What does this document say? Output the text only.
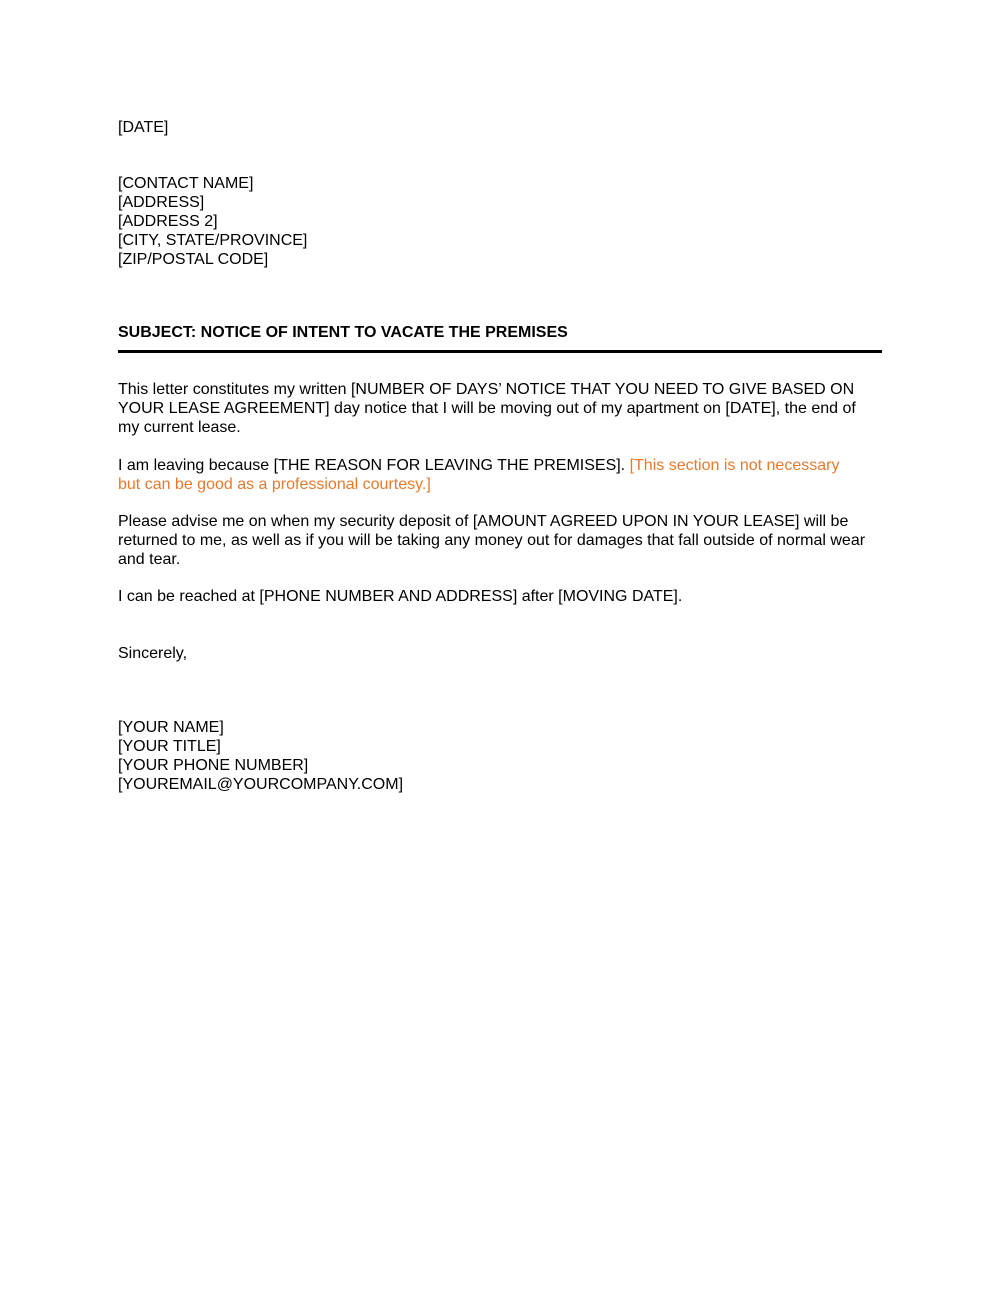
[DATE]

[CONTACT NAME]

[ADDRESS]

[ADDRESS 2]

[CITY, STATE/PROVINCE]

[ZIP/POSTAL CODE]

SUBJECT: NOTICE OF INTENT TO VACATE THE PREMISES

This letter constitutes my written [NUMBER OF DAYS’ NOTICE THAT YOU NEED TO GIVE BASED ON

YOUR LEASE AGREEMENT] day notice that I will be moving out of my apartment on [DATE], the end of

my current lease.

I am leaving because [THE REASON FOR LEAVING THE PREMISES]. [This section is not necessary

but can be good as a professional courtesy.]

Please advise me on when my security deposit of [AMOUNT AGREED UPON IN YOUR LEASE] will be

returned to me, as well as if you will be taking any money out for damages that fall outside of normal wear

and tear.

I can be reached at [PHONE NUMBER AND ADDRESS] after [MOVING DATE].

Sincerely,

[YOUR NAME]

[YOUR TITLE]

[YOUR PHONE NUMBER]

[YOUREMAIL@YOURCOMPANY.COM]
